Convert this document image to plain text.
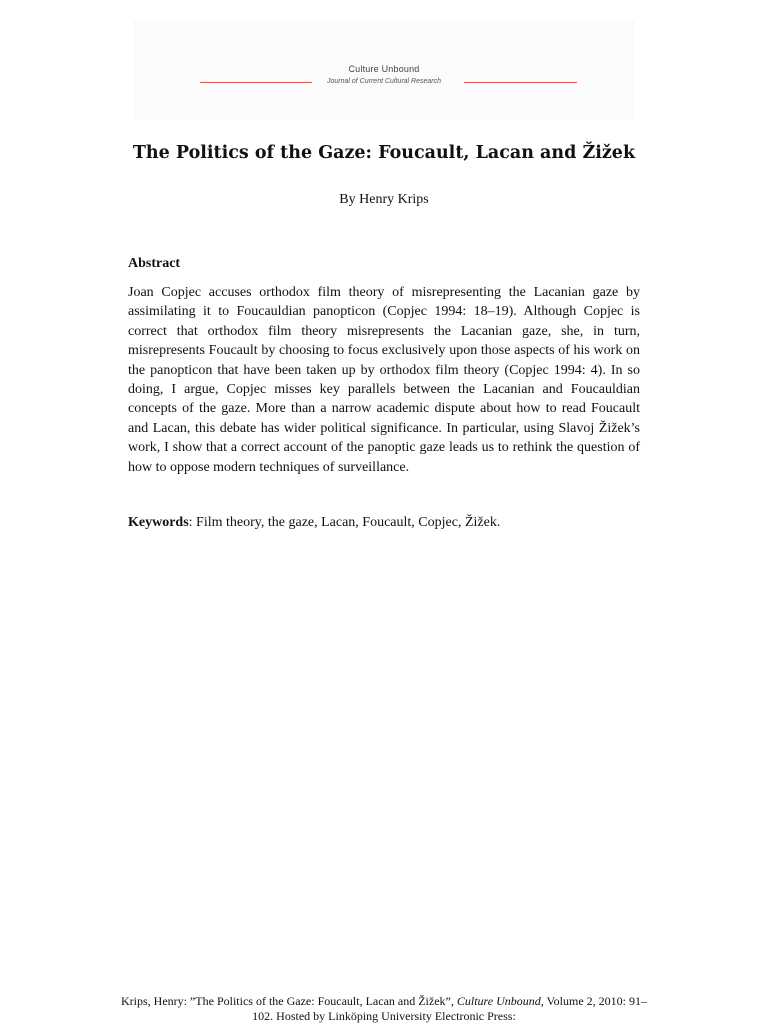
Culture Unbound
Journal of Current Cultural Research
The Politics of the Gaze: Foucault, Lacan and Žižek
By Henry Krips
Abstract

Joan Copjec accuses orthodox film theory of misrepresenting the Lacanian gaze by assimilating it to Foucauldian panopticon (Copjec 1994: 18–19). Although Copjec is correct that orthodox film theory misrepresents the Lacanian gaze, she, in turn, misrepresents Foucault by choosing to focus exclusively upon those aspects of his work on the panopticon that have been taken up by orthodox film theory (Copjec 1994: 4). In so doing, I argue, Copjec misses key parallels between the Lacanian and Foucauldian concepts of the gaze. More than a narrow academic dispute about how to read Foucault and Lacan, this debate has wider political significance. In particular, using Slavoj Žižek’s work, I show that a correct account of the panoptic gaze leads us to rethink the question of how to oppose modern techniques of surveillance.

Keywords: Film theory, the gaze, Lacan, Foucault, Copjec, Žižek.

Krips, Henry: ”The Politics of the Gaze: Foucault, Lacan and Žižek”, Culture Unbound, Volume 2, 2010: 91–102. Hosted by Linköping University Electronic Press:
